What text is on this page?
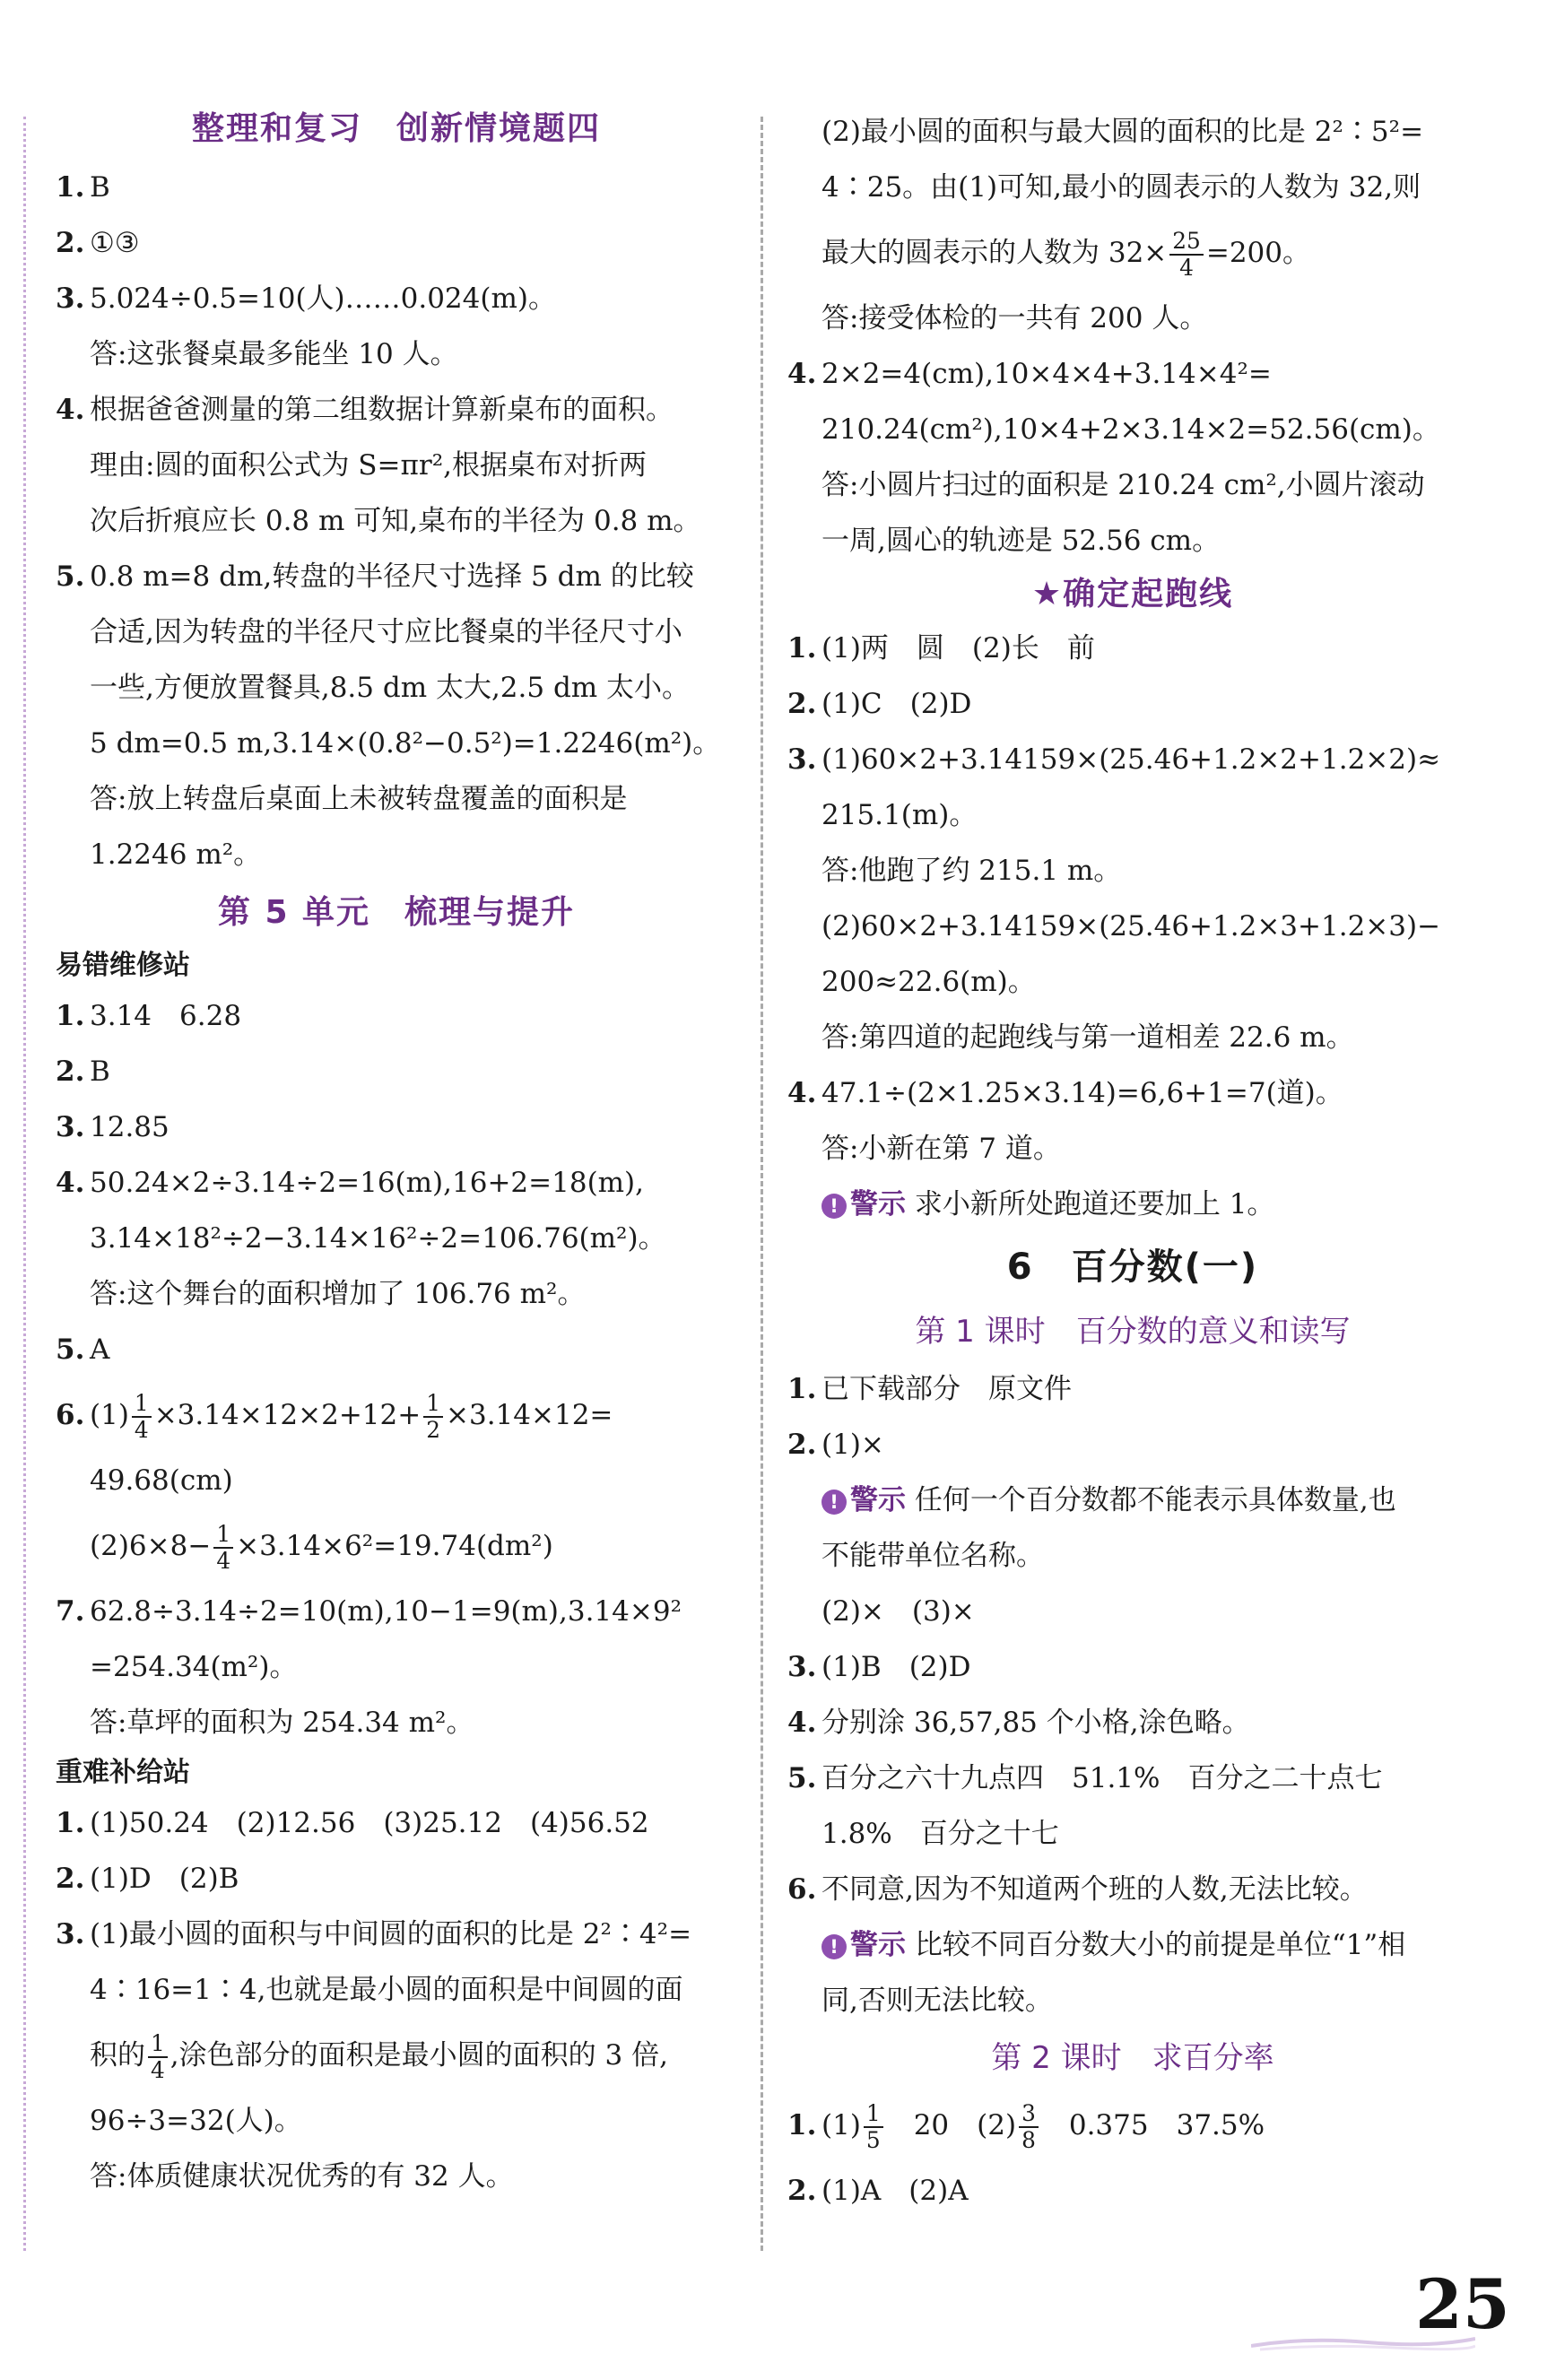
整理和复习　创新情境题四
1. B
2. ①③
3. 5.024÷0.5=10(人)……0.024(m)。
答:这张餐桌最多能坐 10 人。
4. 根据爸爸测量的第二组数据计算新桌布的面积。
理由:圆的面积公式为 S=πr²,根据桌布对折两
次后折痕应长 0.8 m 可知,桌布的半径为 0.8 m。
5. 0.8 m=8 dm,转盘的半径尺寸选择 5 dm 的比较
合适,因为转盘的半径尺寸应比餐桌的半径尺寸小
一些,方便放置餐具,8.5 dm 太大,2.5 dm 太小。
5 dm=0.5 m,3.14×(0.8²−0.5²)=1.2246(m²)。
答:放上转盘后桌面上未被转盘覆盖的面积是
1.2246 m²。
第 5 单元　梳理与提升
易错维修站
1. 3.14　6.28
2. B
3. 12.85
4. 50.24×2÷3.14÷2=16(m),16+2=18(m),
3.14×18²÷2−3.14×16²÷2=106.76(m²)。
答:这个舞台的面积增加了 106.76 m²。
5. A
6. $(1) \frac{1}{4} \times 3.14\times 12\times 2+12+ \frac{1}{2} \times 3.14\times 12=$
49.68(cm)
$(2)6\times 8- \frac{1}{4} \times 3.14\times 6^2=19.74(dm^2)$
7. 62.8÷3.14÷2=10(m),10−1=9(m),3.14×9²
=254.34(m²)。
答:草坪的面积为 254.34 m²。
重难补给站
1. (1)50.24　(2)12.56　(3)25.12　(4)56.52
2. (1)D　(2)B
3. (1)最小圆的面积与中间圆的面积的比是 2²∶4²=
4∶16=1∶4,也就是最小圆的面积是中间圆的面
积的 $\frac{1}{4}$ ,涂色部分的面积是最小圆的面积的 3 倍,
96÷3=32(人)。
答:体质健康状况优秀的有 32 人。
(2)最小圆的面积与最大圆的面积的比是 2²∶5²=
4∶25。由(1)可知,最小的圆表示的人数为 32,则
最大的圆表示的人数为 $32\times \frac{25}{4} =200$。
答:接受体检的一共有 200 人。
4. 2×2=4(cm),10×4×4+3.14×4²=
210.24(cm²),10×4+2×3.14×2=52.56(cm)。
答:小圆片扫过的面积是 210.24 cm²,小圆片滚动
一周,圆心的轨迹是 52.56 cm。
★确定起跑线
1. (1)两　圆　(2)长　前
2. (1)C　(2)D
3. (1)60×2+3.14159×(25.46+1.2×2+1.2×2)≈
215.1(m)。
答:他跑了约 215.1 m。
(2)60×2+3.14159×(25.46+1.2×3+1.2×3)−
200≈22.6(m)。
答:第四道的起跑线与第一道相差 22.6 m。
4. 47.1÷(2×1.25×3.14)=6,6+1=7(道)。
答:小新在第 7 道。
! 警示 求小新所处跑道还要加上 1。
6　百分数(一)
第 1 课时　百分数的意义和读写
1. 已下载部分　原文件
2. (1)×
! 警示 任何一个百分数都不能表示具体数量,也
不能带单位名称。
(2)×　(3)×
3. (1)B　(2)D
4. 分别涂 36,57,85 个小格,涂色略。
5. 百分之六十九点四　51.1%　百分之二十点七
1.8%　百分之十七
6. 不同意,因为不知道两个班的人数,无法比较。
! 警示 比较不同百分数大小的前提是单位“1”相
同,否则无法比较。
第 2 课时　求百分率
1. $(1) \frac{1}{5}$
　 20　$(2) \frac{3}{8}$
　 0.375　37.5%
2. (1)A　(2)A
25
